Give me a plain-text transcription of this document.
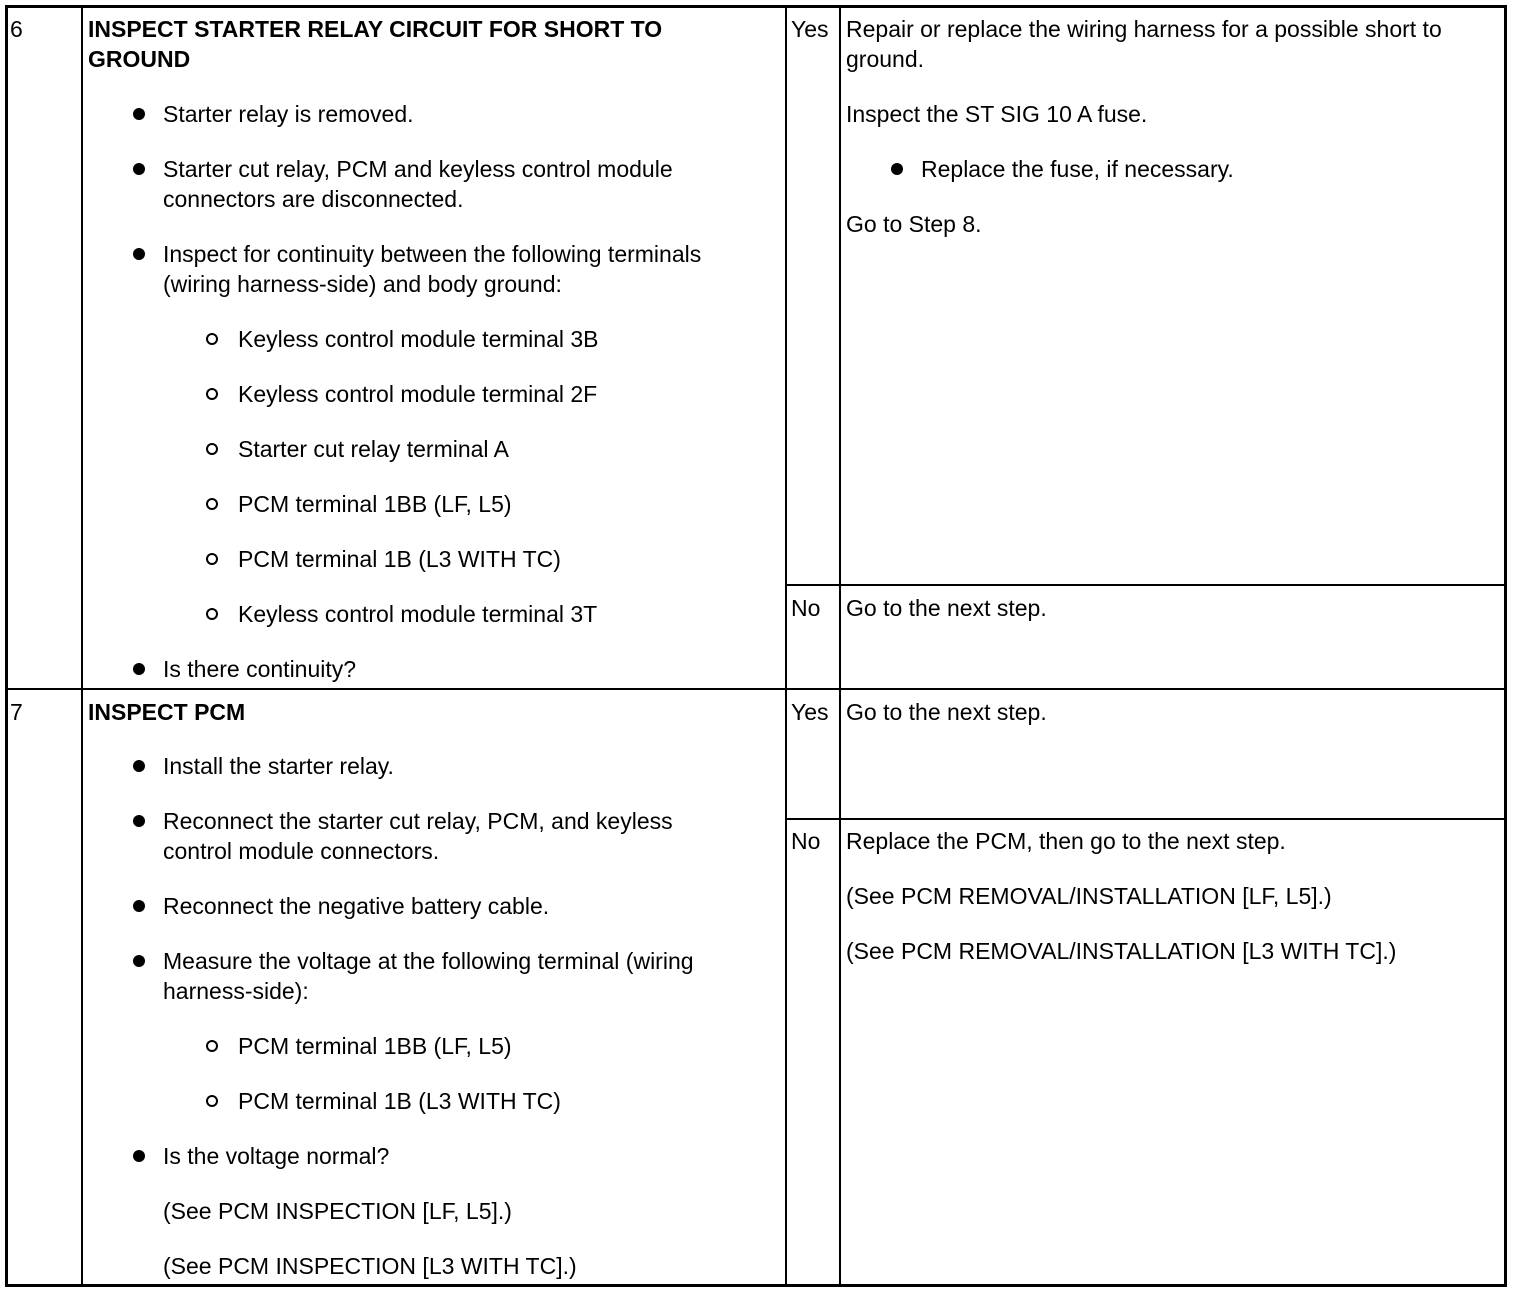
6	INSPECT STARTER RELAY CIRCUIT FOR SHORT TO
GROUND
Starter relay is removed.
Starter cut relay, PCM and keyless control module
connectors are disconnected.
Inspect for continuity between the following terminals
(wiring harness-side) and body ground:
Keyless control module terminal 3B
Keyless control module terminal 2F
Starter cut relay terminal A
PCM terminal 1BB (LF, L5)
PCM terminal 1B (L3 WITH TC)
Keyless control module terminal 3T
Is there continuity?
Yes Repair or replace the wiring harness for a possible short to
ground.
Inspect the ST SIG 10 A fuse.
Replace the fuse, if necessary.
Go to Step 8.
No Go to the next step.
7	INSPECT PCM
Install the starter relay.
Reconnect the starter cut relay, PCM, and keyless
control module connectors.
Reconnect the negative battery cable.
Measure the voltage at the following terminal (wiring
harness-side):
PCM terminal 1BB (LF, L5)
PCM terminal 1B (L3 WITH TC)
Is the voltage normal?
(See PCM INSPECTION [LF, L5].)
(See PCM INSPECTION [L3 WITH TC].)
Yes Go to the next step.
No Replace the PCM, then go to the next step.
(See PCM REMOVAL/INSTALLATION [LF, L5].)
(See PCM REMOVAL/INSTALLATION [L3 WITH TC].)
